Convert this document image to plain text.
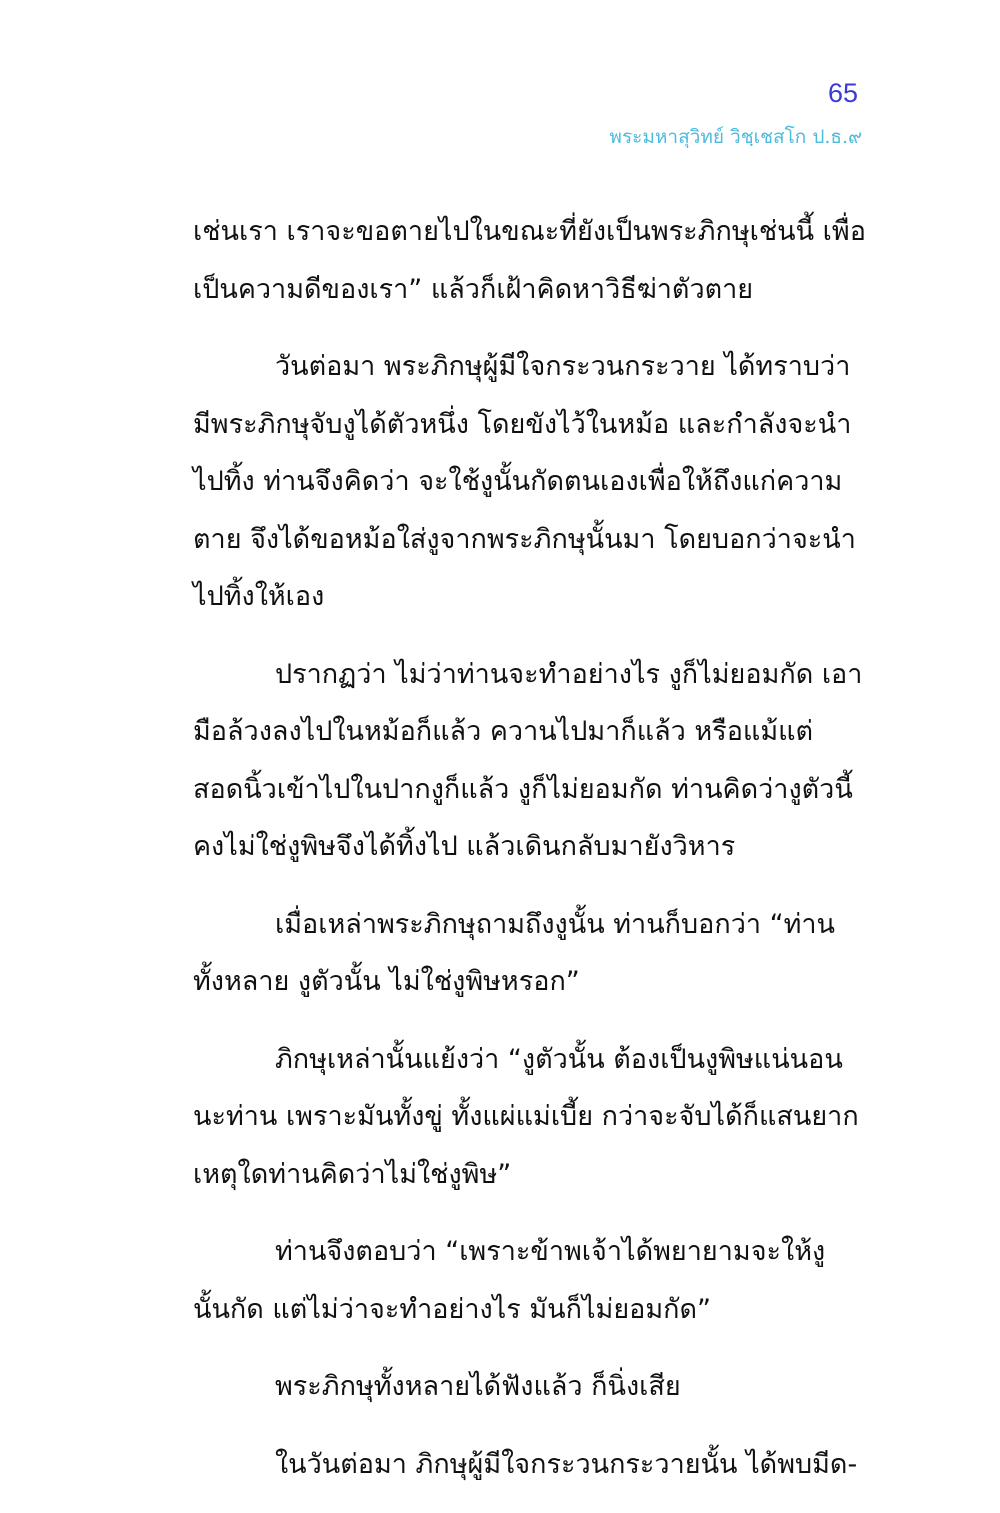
65
พระมหาสุวิทย์ วิชฺเชสโก ป.ธ.๙

เช่นเรา เราจะขอตายไปในขณะที่ยังเป็นพระภิกษุเช่นนี้ เพื่อ
เป็นความดีของเรา” แล้วก็เฝ้าคิดหาวิธีฆ่าตัวตาย

วันต่อมา พระภิกษุผู้มีใจกระวนกระวาย ได้ทราบว่า
มีพระภิกษุจับงูได้ตัวหนึ่ง โดยขังไว้ในหม้อ และกำลังจะนำ
ไปทิ้ง ท่านจึงคิดว่า จะใช้งูนั้นกัดตนเองเพื่อให้ถึงแก่ความ
ตาย จึงได้ขอหม้อใส่งูจากพระภิกษุนั้นมา โดยบอกว่าจะนำ
ไปทิ้งให้เอง

ปรากฏว่า ไม่ว่าท่านจะทำอย่างไร งูก็ไม่ยอมกัด เอา
มือล้วงลงไปในหม้อก็แล้ว ควานไปมาก็แล้ว หรือแม้แต่
สอดนิ้วเข้าไปในปากงูก็แล้ว งูก็ไม่ยอมกัด ท่านคิดว่างูตัวนี้
คงไม่ใช่งูพิษจึงได้ทิ้งไป แล้วเดินกลับมายังวิหาร

เมื่อเหล่าพระภิกษุถามถึงงูนั้น ท่านก็บอกว่า “ท่าน
ทั้งหลาย งูตัวนั้น ไม่ใช่งูพิษหรอก”

ภิกษุเหล่านั้นแย้งว่า “งูตัวนั้น ต้องเป็นงูพิษแน่นอน
นะท่าน เพราะมันทั้งขู่ ทั้งแผ่แม่เบี้ย กว่าจะจับได้ก็แสนยาก
เหตุใดท่านคิดว่าไม่ใช่งูพิษ”

ท่านจึงตอบว่า “เพราะข้าพเจ้าได้พยายามจะให้งู
นั้นกัด แต่ไม่ว่าจะทำอย่างไร มันก็ไม่ยอมกัด”

พระภิกษุทั้งหลายได้ฟังแล้ว ก็นิ่งเสีย

ในวันต่อมา ภิกษุผู้มีใจกระวนกระวายนั้น ได้พบมีด-
